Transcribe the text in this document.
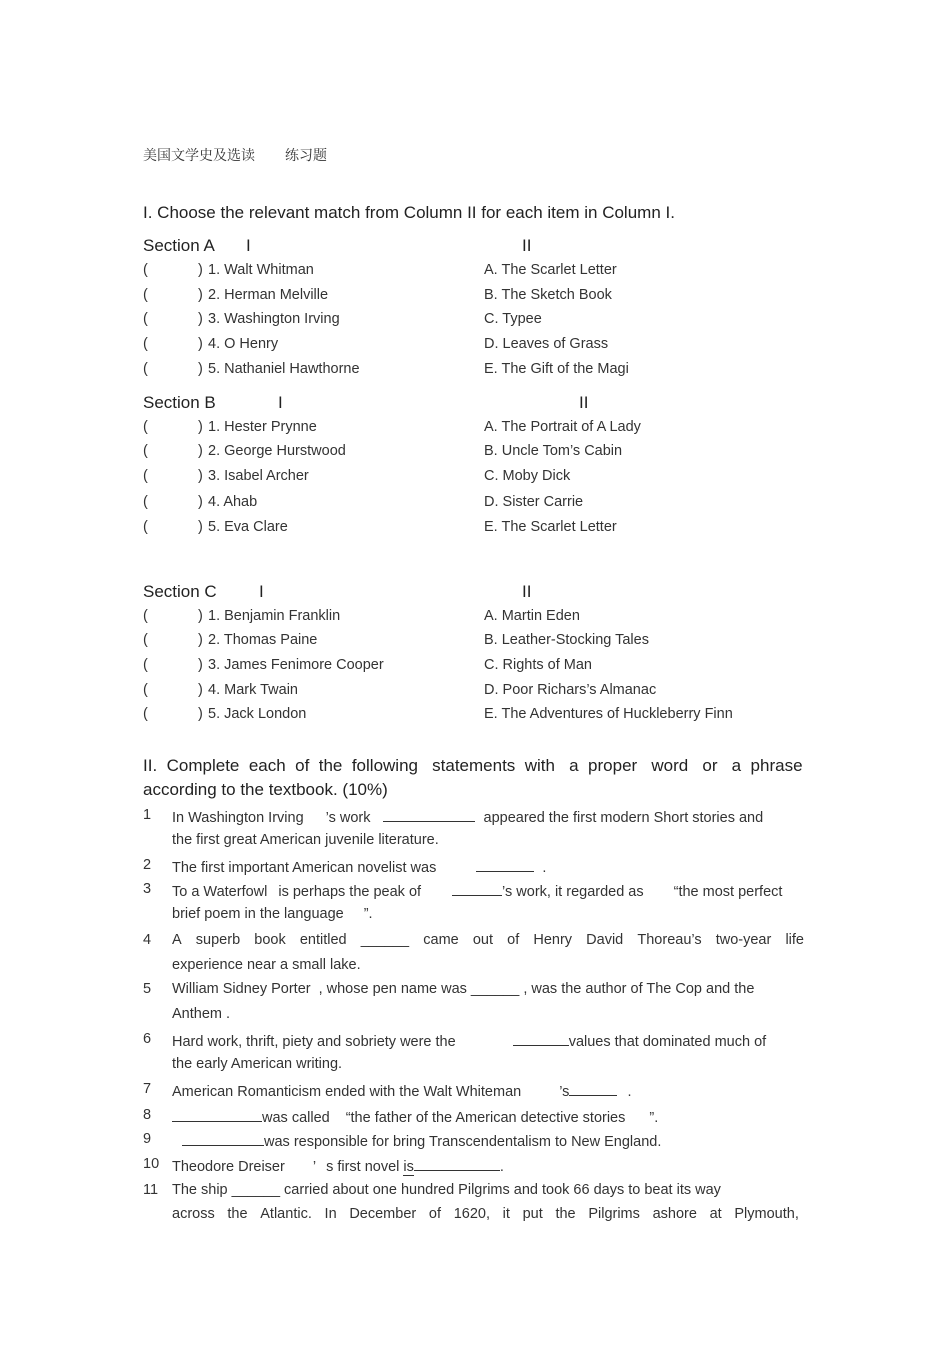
美国文学史及选读 练习题
I. Choose the relevant match from Column II for each item in Column I.
Section A I	II
(	) 1. Walt Whitman	A. The Scarlet Letter
(	) 2. Herman Melville	B. The Sketch Book
(	) 3. Washington Irving	C. Typee
(	) 4. O Henry	D. Leaves of Grass
(	) 5. Nathaniel Hawthorne	E. The Gift of the Magi
Section B	I	II
(	) 1. Hester Prynne	A. The Portrait of A Lady
(	) 2. George Hurstwood	B. Uncle Tom’s Cabin
(	) 3. Isabel Archer	C. Moby Dick
(	) 4. Ahab	D. Sister Carrie
(	) 5. Eva Clare	E. The Scarlet Letter
Section C I	II
(	) 1. Benjamin Franklin	A. Martin Eden
(	) 2. Thomas Paine	B. Leather-Stocking Tales
(	) 3. James Fenimore Cooper	C. Rights of Man
(	) 4. Mark Twain	D. Poor Richars’s Almanac
(	) 5. Jack London	E. The Adventures of Huckleberry Finn
II.  Complete  each  of  the  following   statements  with   a  proper   word   or   a  phrase
according to the textbook. (10%)
1 In Washington Irving ’s work	appeared the first modern Short stories and
the first great American juvenile literature.
2 The first important American novelist was	.
3 To a Waterfowl is perhaps the peak of	’s work, it regarded as “the most perfect
brief poem in the language ”.
4 A superb book entitled ______ came out of Henry David Thoreau’s two-year life
experience near a small lake.
5 William Sidney Porter , whose pen name was ______ , was the author of The Cop and the
Anthem .
6 Hard work, thrift, piety and sobriety were the	values that dominated much of
the early American writing.
7 American Romanticism ended with the Walt Whiteman	’s	.
8	was called “the father of the American detective stories ”.
9	was responsible for bring Transcendentalism to New England.
10 Theodore Dreiser ’ s first novel is	.
11 The ship ______ carried about one hundred Pilgrims and took 66 days to beat its way
across the Atlantic. In December of 1620, it put the Pilgrims ashore at Plymouth,
